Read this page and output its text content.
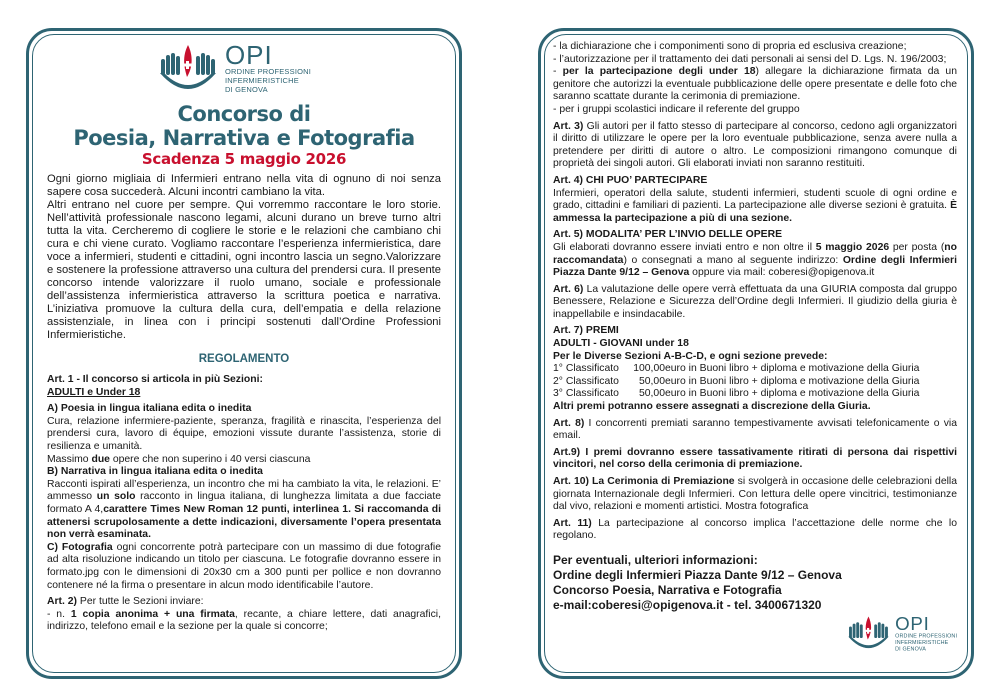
OPI
ORDINE PROFESSIONI
INFERMIERISTICHE
DI GENOVA
Concorso di
Poesia, Narrativa e Fotografia
Scadenza 5 maggio 2026
Ogni giorno migliaia di Infermieri entrano nella vita di ognuno di noi senza sapere cosa succederà. Alcuni incontri cambiano la vita.
Altri entrano nel cuore per sempre. Qui vorremmo raccontare le loro storie. Nell’attività professionale nascono legami, alcuni durano un breve turno altri tutta la vita. Cercheremo di cogliere le storie e le relazioni che cambiano chi cura e chi viene curato. Vogliamo raccontare l’esperienza infermieristica, dare voce a infermieri, studenti e cittadini, ogni incontro lascia un segno.Valorizzare e sostenere la professione attraverso una cultura del prendersi cura. Il presente concorso intende valorizzare il ruolo umano, sociale e professionale dell’assistenza infermieristica attraverso la scrittura poetica e narrativa. L’iniziativa promuove la cultura della cura, dell’empatia e della relazione assistenziale, in linea con i principi sostenuti dall’Ordine Professioni Infermieristiche.
REGOLAMENTO
Art. 1 - Il concorso si articola in più Sezioni:
ADULTI e Under 18
A) Poesia in lingua italiana edita o inedita
Cura, relazione infermiere-paziente, speranza, fragilità e rinascita, l’esperienza del prendersi cura, lavoro di équipe, emozioni vissute durante l’assistenza, storie di resilienza e umanità.
Massimo due opere che non superino i 40 versi ciascuna
B) Narrativa in lingua italiana edita o inedita
Racconti ispirati all’esperienza, un incontro che mi ha cambiato la vita, le relazioni. E’ ammesso un solo racconto in lingua italiana, di lunghezza limitata a due facciate formato A 4,carattere Times New Roman 12 punti, interlinea 1. Si raccomanda di attenersi scrupolosamente a dette indicazioni, diversamente l’opera presentata non verrà esaminata.
C) Fotografia ogni concorrente potrà partecipare con un massimo di due fotografie ad alta risoluzione indicando un titolo per ciascuna. Le fotografie dovranno essere in formato.jpg con le dimensioni di 20x30 cm a 300 punti per pollice e non dovranno contenere né la firma o presentare in alcun modo identificabile l’autore.
Art. 2) Per tutte le Sezioni inviare:
- n. 1 copia anonima + una firmata, recante, a chiare lettere, dati anagrafici, indirizzo, telefono email e la sezione per la quale si concorre;
- la dichiarazione che i componimenti sono di propria ed esclusiva creazione;
- l’autorizzazione per il trattamento dei dati personali ai sensi del D. Lgs. N. 196/2003;
- per la partecipazione degli under 18) allegare la dichiarazione firmata da un genitore che autorizzi la eventuale pubblicazione delle opere presentate e delle foto che saranno scattate durante la cerimonia di premiazione.
- per i gruppi scolastici indicare il referente del gruppo
Art. 3) Gli autori per il fatto stesso di partecipare al concorso, cedono agli organizzatori il diritto di utilizzare le opere per la loro eventuale pubblicazione, senza avere nulla a pretendere per diritti di autore o altro. Le composizioni rimangono comunque di proprietà dei singoli autori. Gli elaborati inviati non saranno restituiti.
Art. 4) CHI PUO’ PARTECIPARE
Infermieri, operatori della salute, studenti infermieri, studenti scuole di ogni ordine e grado, cittadini e familiari di pazienti. La partecipazione alle diverse sezioni è gratuita. È ammessa la partecipazione a più di una sezione.
Art. 5) MODALITA’ PER L’INVIO DELLE OPERE
Gli elaborati dovranno essere inviati entro e non oltre il 5 maggio 2026 per posta (no raccomandata) o consegnati a mano al seguente indirizzo: Ordine degli Infermieri Piazza Dante 9/12 – Genova oppure via mail: coberesi@opigenova.it
Art. 6) La valutazione delle opere verrà effettuata da una GIURIA composta dal gruppo Benessere, Relazione e Sicurezza dell’Ordine degli Infermieri. Il giudizio della giuria è inappellabile e insindacabile.
Art. 7) PREMI
ADULTI - GIOVANI under 18
Per le Diverse Sezioni A-B-C-D, e ogni sezione prevede:
1° Classificato	100,00 euro in Buoni libro + diploma e motivazione della Giuria
2° Classificato	50,00 euro in Buoni libro + diploma e motivazione della Giuria
3° Classificato	50,00 euro in Buoni libro + diploma e motivazione della Giuria
Altri premi potranno essere assegnati a discrezione della Giuria.
Art. 8) I concorrenti premiati saranno tempestivamente avvisati telefonicamente o via email.
Art.9) I premi dovranno essere tassativamente ritirati di persona dai rispettivi vincitori, nel corso della cerimonia di premiazione.
Art. 10) La Cerimonia di Premiazione si svolgerà in occasione delle celebrazioni della giornata Internazionale degli Infermieri. Con lettura delle opere vincitrici, testimonianze dal vivo, relazioni e momenti artistici. Mostra fotografica
Art. 11) La partecipazione al concorso implica l’accettazione delle norme che lo regolano.
Per eventuali, ulteriori informazioni:
Ordine degli Infermieri Piazza Dante 9/12 – Genova
Concorso Poesia, Narrativa e Fotografia
e-mail:coberesi@opigenova.it - tel. 3400671320
OPI
ORDINE PROFESSIONI
INFERMIERISTICHE
DI GENOVA
